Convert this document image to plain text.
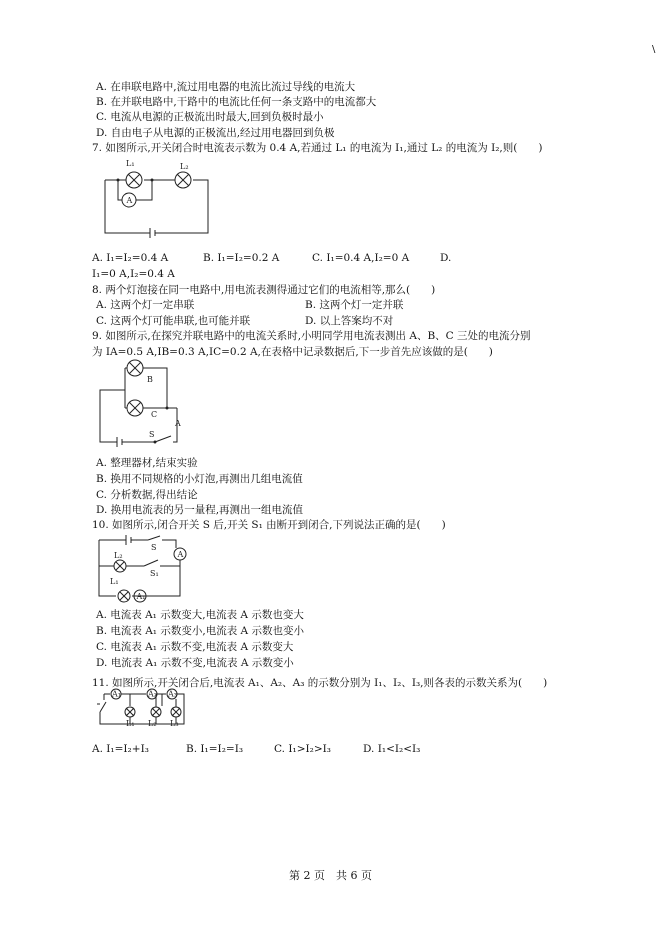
\
A. 在串联电路中,流过用电器的电流比流过导线的电流大
B. 在并联电路中,干路中的电流比任何一条支路中的电流都大
C. 电流从电源的正极流出时最大,回到负极时最小
D. 自由电子从电源的正极流出,经过用电器回到负极
7. 如图所示,开关闭合时电流表示数为 0.4 A,若通过 L₁ 的电流为 I₁,通过 L₂ 的电流为 I₂,则(　　)
L₁	L₂
A
A. I₁=I₂=0.4 A	B. I₁=I₂=0.2 A	C. I₁=0.4 A,I₂=0 A	D.
I₁=0 A,I₂=0.4 A
8. 两个灯泡接在同一电路中,用电流表测得通过它们的电流相等,那么(　　)
A. 这两个灯一定串联	B. 这两个灯一定并联
C. 这两个灯可能串联,也可能并联	D. 以上答案均不对
9. 如图所示,在探究并联电路中的电流关系时,小明同学用电流表测出 A、B、C 三处的电流分别
为 IA=0.5 A,IB=0.3 A,IC=0.2 A,在表格中记录数据后,下一步首先应该做的是(　　)
B
C
A
S
A. 整理器材,结束实验
B. 换用不同规格的小灯泡,再测出几组电流值
C. 分析数据,得出结论
D. 换用电流表的另一量程,再测出一组电流值
10. 如图所示,闭合开关 S 后,开关 S₁ 由断开到闭合,下列说法正确的是(　　)
S
A
L₂
S₁
L₁
A₁
A. 电流表 A₁ 示数变大,电流表 A 示数也变大
B. 电流表 A₁ 示数变小,电流表 A 示数也变小
C. 电流表 A₁ 示数不变,电流表 A 示数变大
D. 电流表 A₁ 示数不变,电流表 A 示数变小
11. 如图所示,开关闭合后,电流表 A₁、A₂、A₃ 的示数分别为 I₁、I₂、I₃,则各表的示数关系为(　　)
A₁	A₂ A₃
L₁ L₂ L₃
A. I₁=I₂+I₃	B. I₁=I₂=I₃	C. I₁>I₂>I₃	D. I₁<I₂<I₃
第 2 页　共 6 页
